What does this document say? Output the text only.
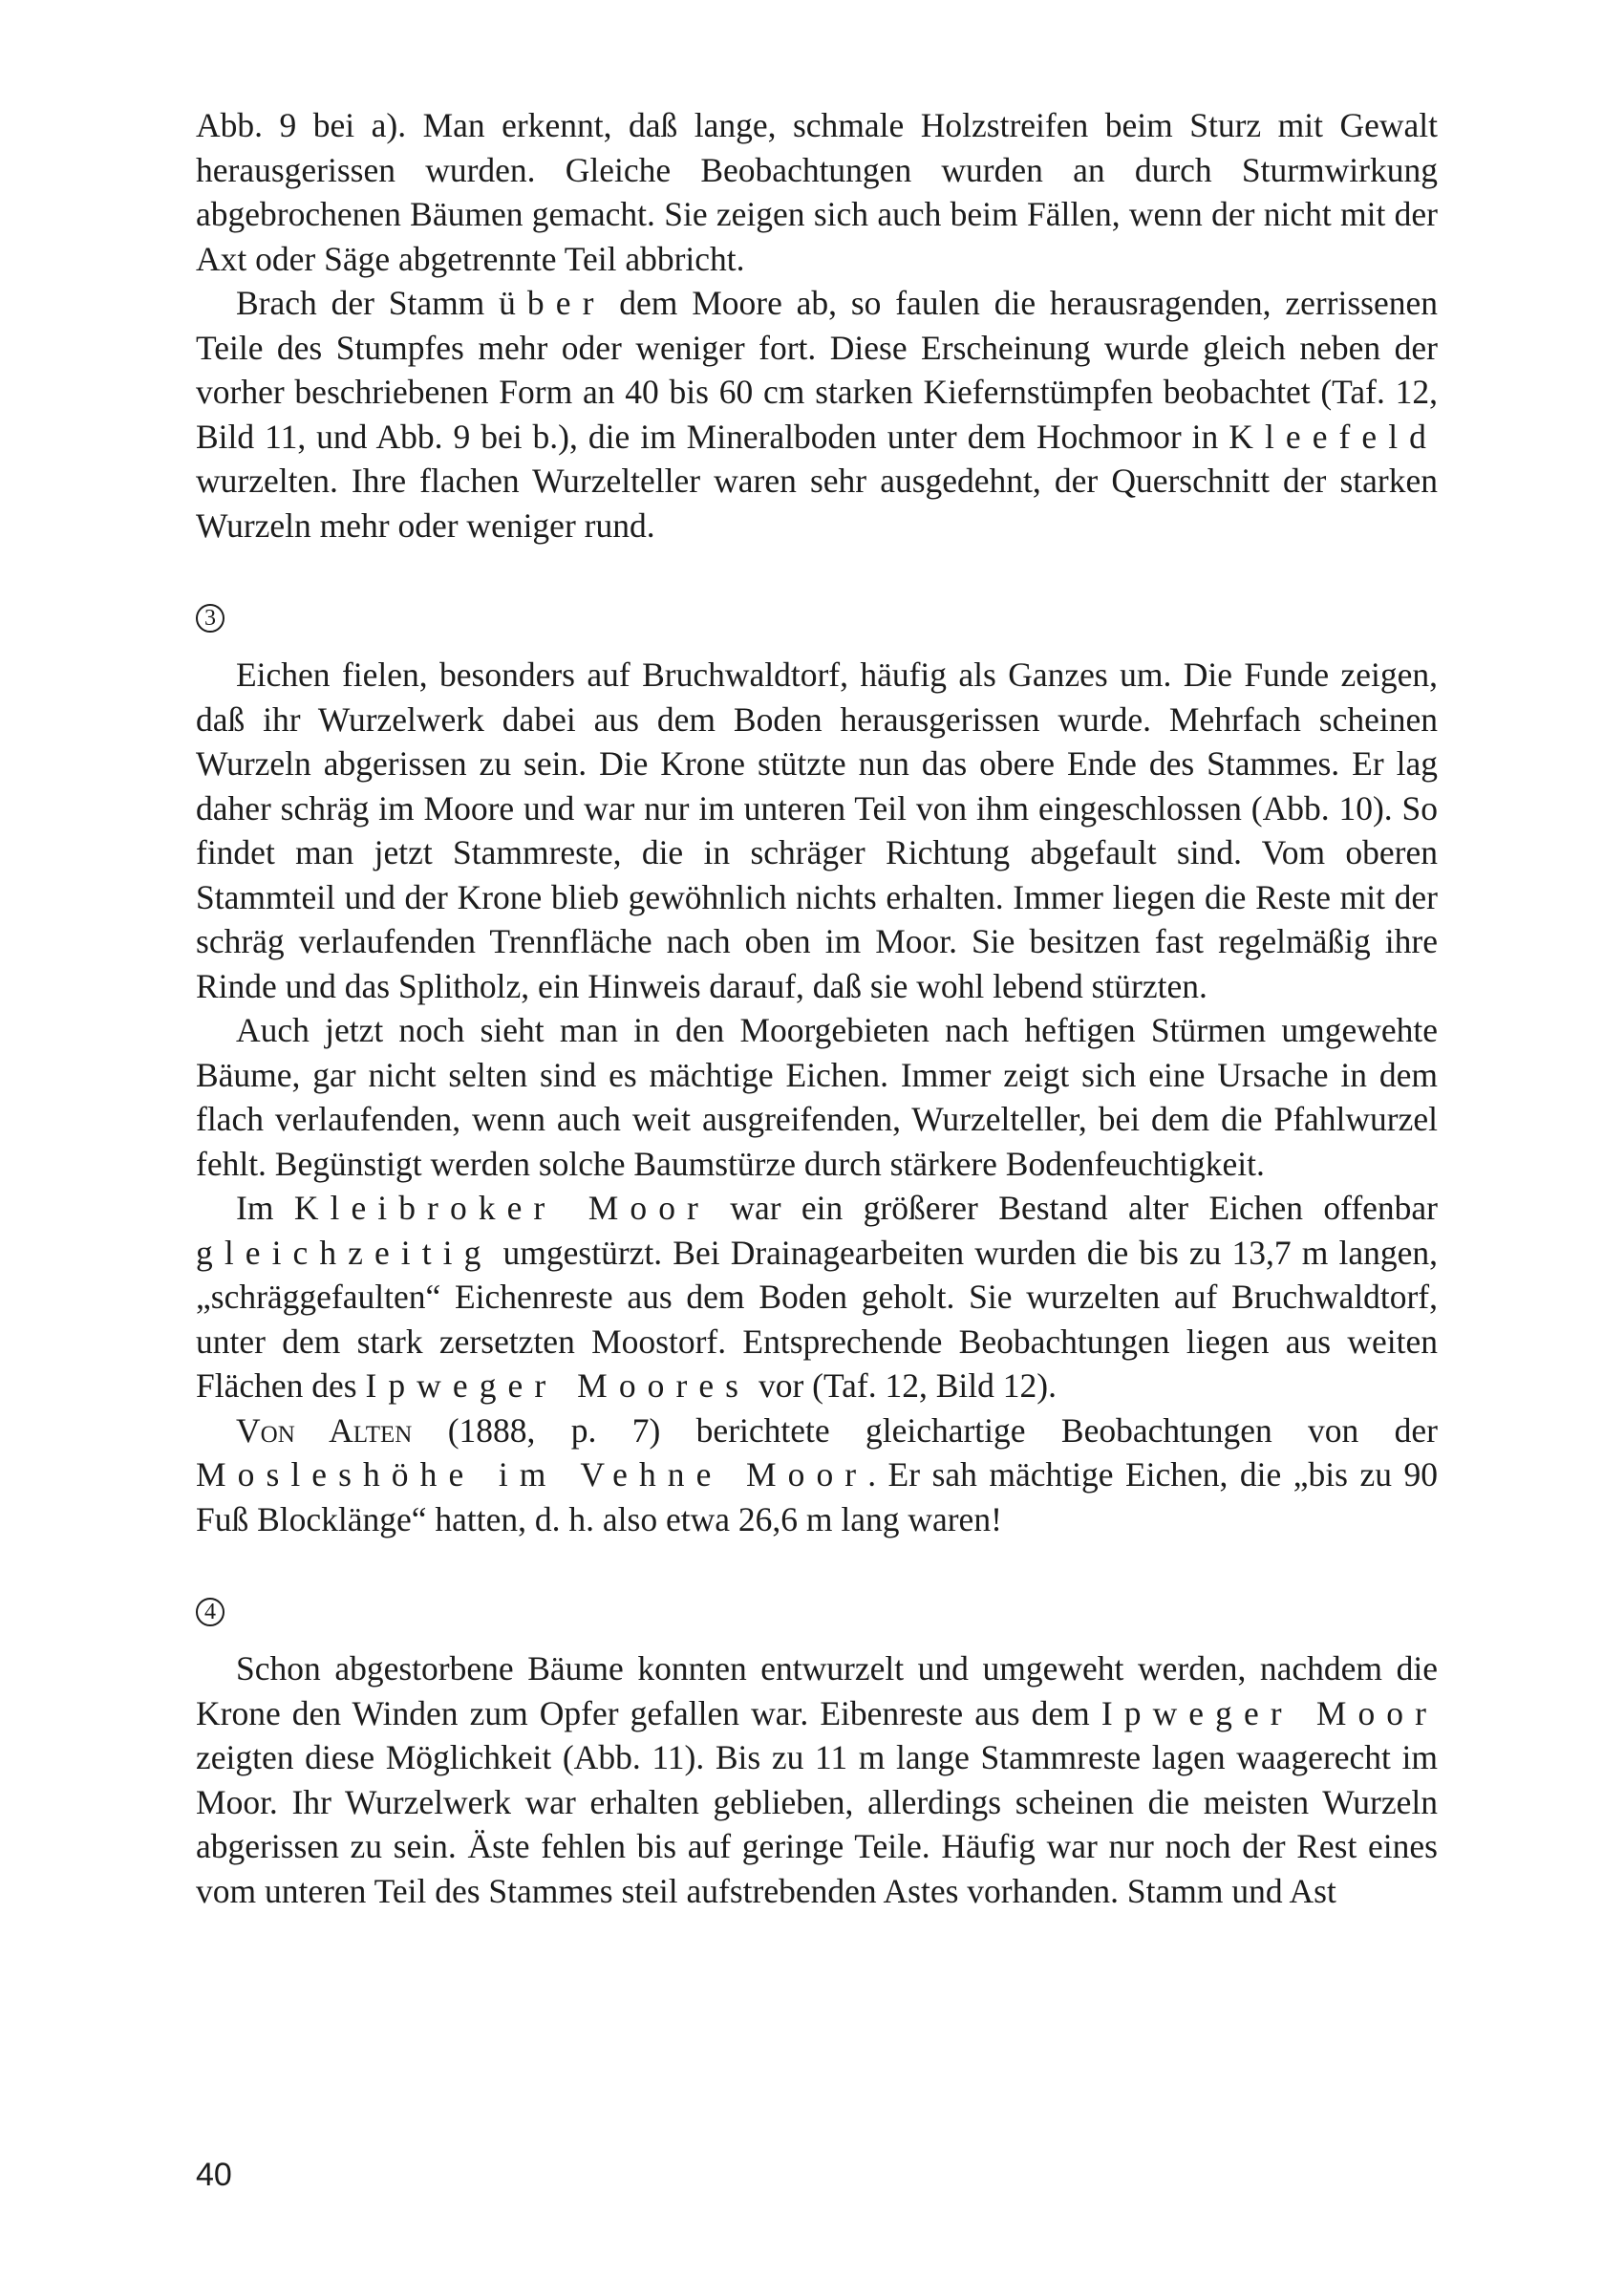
Abb. 9 bei a). Man erkennt, daß lange, schmale Holzstreifen beim Sturz mit Gewalt herausgerissen wurden. Gleiche Beobachtungen wurden an durch Sturmwirkung abgebrochenen Bäumen gemacht. Sie zeigen sich auch beim Fällen, wenn der nicht mit der Axt oder Säge abgetrennte Teil abbricht.

Brach der Stamm über dem Moore ab, so faulen die herausragenden, zerrissenen Teile des Stumpfes mehr oder weniger fort. Diese Erscheinung wurde gleich neben der vorher beschriebenen Form an 40 bis 60 cm starken Kiefernstümpfen beobachtet (Taf. 12, Bild 11, und Abb. 9 bei b.), die im Mineralboden unter dem Hochmoor in Kleefeld wurzelten. Ihre flachen Wurzelteller waren sehr ausgedehnt, der Querschnitt der starken Wurzeln mehr oder weniger rund.

3

Eichen fielen, besonders auf Bruchwaldtorf, häufig als Ganzes um. Die Funde zeigen, daß ihr Wurzelwerk dabei aus dem Boden herausgerissen wurde. Mehrfach scheinen Wurzeln abgerissen zu sein. Die Krone stützte nun das obere Ende des Stammes. Er lag daher schräg im Moore und war nur im unteren Teil von ihm eingeschlossen (Abb. 10). So findet man jetzt Stammreste, die in schräger Richtung abgefault sind. Vom oberen Stammteil und der Krone blieb gewöhnlich nichts erhalten. Immer liegen die Reste mit der schräg verlaufenden Trennfläche nach oben im Moor. Sie besitzen fast regelmäßig ihre Rinde und das Splitholz, ein Hinweis darauf, daß sie wohl lebend stürzten.

Auch jetzt noch sieht man in den Moorgebieten nach heftigen Stürmen umgewehte Bäume, gar nicht selten sind es mächtige Eichen. Immer zeigt sich eine Ursache in dem flach verlaufenden, wenn auch weit ausgreifenden, Wurzelteller, bei dem die Pfahlwurzel fehlt. Begünstigt werden solche Baumstürze durch stärkere Bodenfeuchtigkeit.

Im Kleibroker Moor war ein größerer Bestand alter Eichen offenbar gleichzeitig umgestürzt. Bei Drainagearbeiten wurden die bis zu 13,7 m langen, „schräggefaulten“ Eichenreste aus dem Boden geholt. Sie wurzelten auf Bruchwaldtorf, unter dem stark zersetzten Moostorf. Entsprechende Beobachtungen liegen aus weiten Flächen des Ipweger Moores vor (Taf. 12, Bild 12).

Von Alten (1888, p. 7) berichtete gleichartige Beobachtungen von der Mosleshöhe im Vehne Moor. Er sah mächtige Eichen, die „bis zu 90 Fuß Blocklänge“ hatten, d. h. also etwa 26,6 m lang waren!

4

Schon abgestorbene Bäume konnten entwurzelt und umgeweht werden, nachdem die Krone den Winden zum Opfer gefallen war. Eibenreste aus dem Ipweger Moor zeigten diese Möglichkeit (Abb. 11). Bis zu 11 m lange Stammreste lagen waagerecht im Moor. Ihr Wurzelwerk war erhalten geblieben, allerdings scheinen die meisten Wurzeln abgerissen zu sein. Äste fehlen bis auf geringe Teile. Häufig war nur noch der Rest eines vom unteren Teil des Stammes steil aufstrebenden Astes vorhanden. Stamm und Ast

40
